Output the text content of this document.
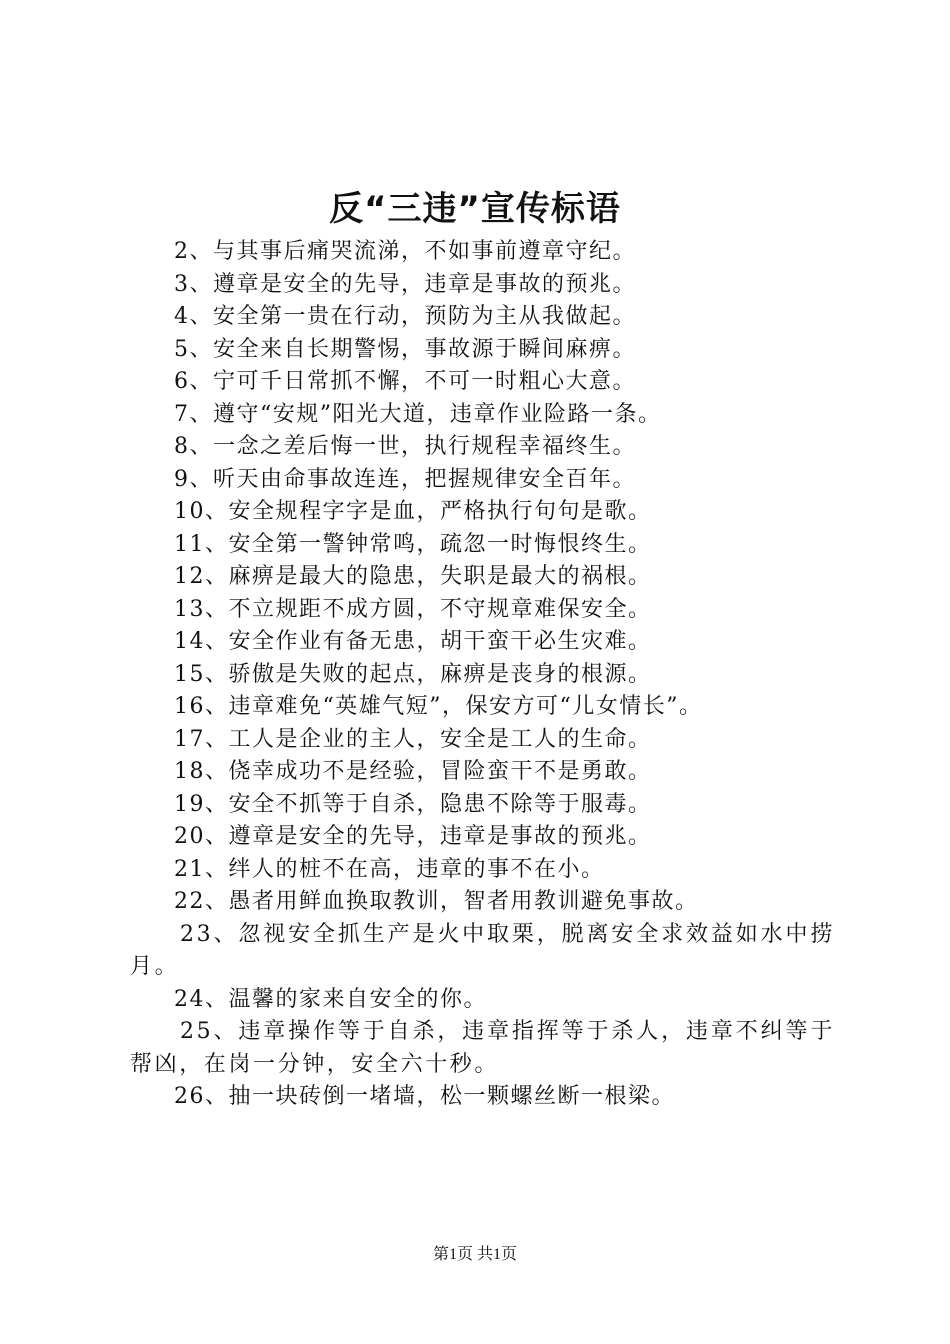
反“三违”宣传标语
2、与其事后痛哭流涕，不如事前遵章守纪。
3、遵章是安全的先导，违章是事故的预兆。
4、安全第一贵在行动，预防为主从我做起。
5、安全来自长期警惕，事故源于瞬间麻痹。
6、宁可千日常抓不懈，不可一时粗心大意。
7、遵守“安规”阳光大道，违章作业险路一条。
8、一念之差后悔一世，执行规程幸福终生。
9、听天由命事故连连，把握规律安全百年。
10、安全规程字字是血，严格执行句句是歌。
11、安全第一警钟常鸣，疏忽一时悔恨终生。
12、麻痹是最大的隐患，失职是最大的祸根。
13、不立规距不成方圆，不守规章难保安全。
14、安全作业有备无患，胡干蛮干必生灾难。
15、骄傲是失败的起点，麻痹是丧身的根源。
16、违章难免“英雄气短”，保安方可“儿女情长”。
17、工人是企业的主人，安全是工人的生命。
18、侥幸成功不是经验，冒险蛮干不是勇敢。
19、安全不抓等于自杀，隐患不除等于服毒。
20、遵章是安全的先导，违章是事故的预兆。
21、绊人的桩不在高，违章的事不在小。
22、愚者用鲜血换取教训，智者用教训避免事故。
23、忽视安全抓生产是火中取栗，脱离安全求效益如水中捞月。
24、温馨的家来自安全的你。
25、违章操作等于自杀，违章指挥等于杀人，违章不纠等于帮凶，在岗一分钟，安全六十秒。
26、抽一块砖倒一堵墙，松一颗螺丝断一根梁。
第1页 共1页
